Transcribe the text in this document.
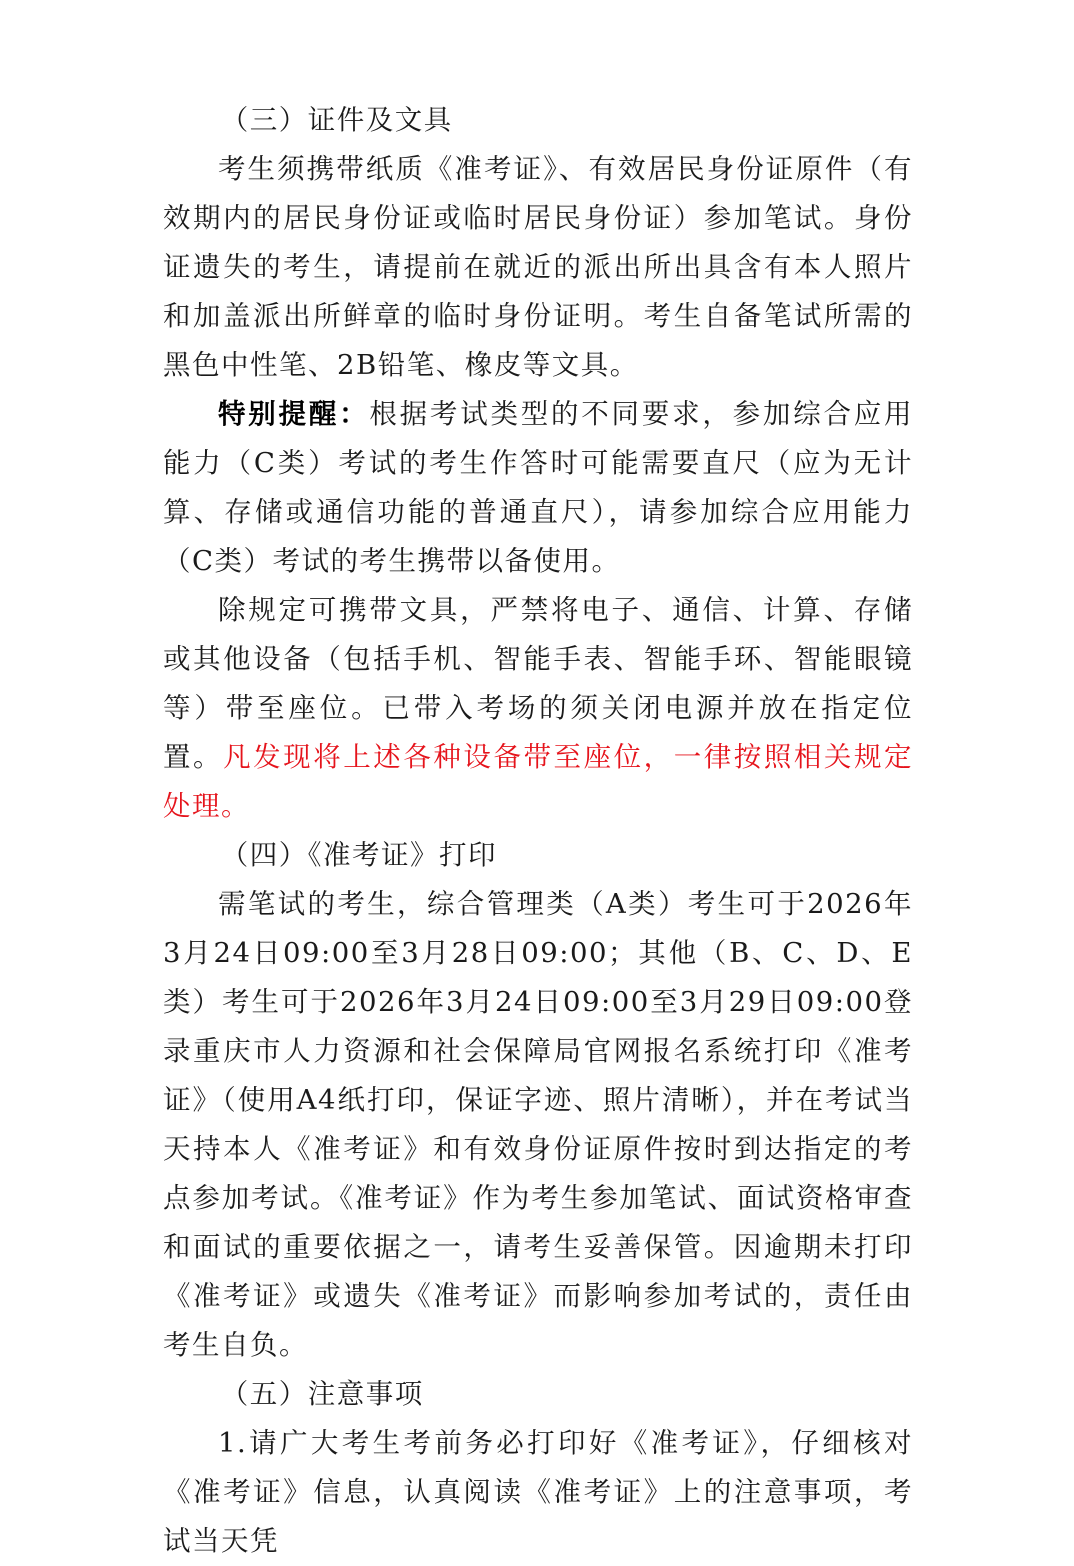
（三）证件及文具

考生须携带纸质《准考证》、有效居民身份证原件（有效期内的居民身份证或临时居民身份证）参加笔试。身份证遗失的考生，请提前在就近的派出所出具含有本人照片和加盖派出所鲜章的临时身份证明。考生自备笔试所需的黑色中性笔、2B铅笔、橡皮等文具。

特别提醒：根据考试类型的不同要求，参加综合应用能力（C类）考试的考生作答时可能需要直尺（应为无计算、存储或通信功能的普通直尺），请参加综合应用能力（C类）考试的考生携带以备使用。

除规定可携带文具，严禁将电子、通信、计算、存储或其他设备（包括手机、智能手表、智能手环、智能眼镜等）带至座位。已带入考场的须关闭电源并放在指定位置。凡发现将上述各种设备带至座位，一律按照相关规定处理。

（四）《准考证》打印

需笔试的考生，综合管理类（A类）考生可于2026年3月24日09:00至3月28日09:00；其他（B、C、D、E类）考生可于2026年3月24日09:00至3月29日09:00登录重庆市人力资源和社会保障局官网报名系统打印《准考证》（使用A4纸打印，保证字迹、照片清晰），并在考试当天持本人《准考证》和有效身份证原件按时到达指定的考点参加考试。《准考证》作为考生参加笔试、面试资格审查和面试的重要依据之一，请考生妥善保管。因逾期未打印《准考证》或遗失《准考证》而影响参加考试的，责任由考生自负。

（五）注意事项

1.请广大考生考前务必打印好《准考证》，仔细核对《准考证》信息，认真阅读《准考证》上的注意事项，考试当天凭
